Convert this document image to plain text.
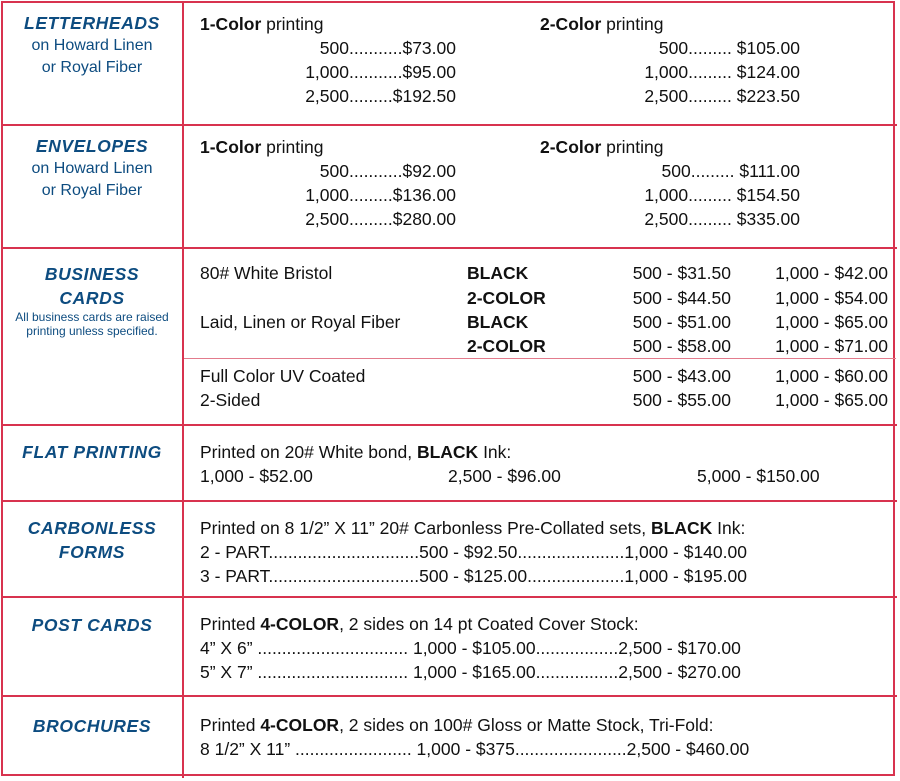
LETTERHEADS
on Howard Linen
or Royal Fiber
1-Color printing
500...........$73.00
1,000...........$95.00
2,500.........$192.50
2-Color printing
500......... $105.00
1,000......... $124.00
2,500......... $223.50
ENVELOPES
on Howard Linen
or Royal Fiber
1-Color printing
500...........$92.00
1,000.........$136.00
2,500.........$280.00
2-Color printing
500......... $111.00
1,000......... $154.50
2,500......... $335.00
BUSINESS
CARDS
All business cards are raised
printing unless specified.
80# White Bristol	BLACK	500 - $31.50	1,000 - $42.00
2-COLOR	500 - $44.50	1,000 - $54.00
Laid, Linen or Royal Fiber	BLACK	500 - $51.00	1,000 - $65.00
2-COLOR	500 - $58.00	1,000 - $71.00
Full Color UV Coated	500 - $43.00	1,000 - $60.00
2-Sided	500 - $55.00	1,000 - $65.00
FLAT PRINTING	Printed on 20# White bond, BLACK Ink:
1,000 - $52.00	2,500 - $96.00	5,000 - $150.00
CARBONLESS
FORMS
Printed on 8 1/2” X 11” 20# Carbonless Pre-Collated sets, BLACK Ink:
2 - PART...............................500 - $92.50......................1,000 - $140.00
3 - PART...............................500 - $125.00....................1,000 - $195.00
POST CARDS	Printed 4-COLOR, 2 sides on 14 pt Coated Cover Stock:
4” X 6” ............................... 1,000 - $105.00.................2,500 - $170.00
5” X 7” ............................... 1,000 - $165.00.................2,500 - $270.00
BROCHURES	Printed 4-COLOR, 2 sides on 100# Gloss or Matte Stock, Tri-Fold:
8 1/2” X 11” ........................ 1,000 - $375.......................2,500 - $460.00
